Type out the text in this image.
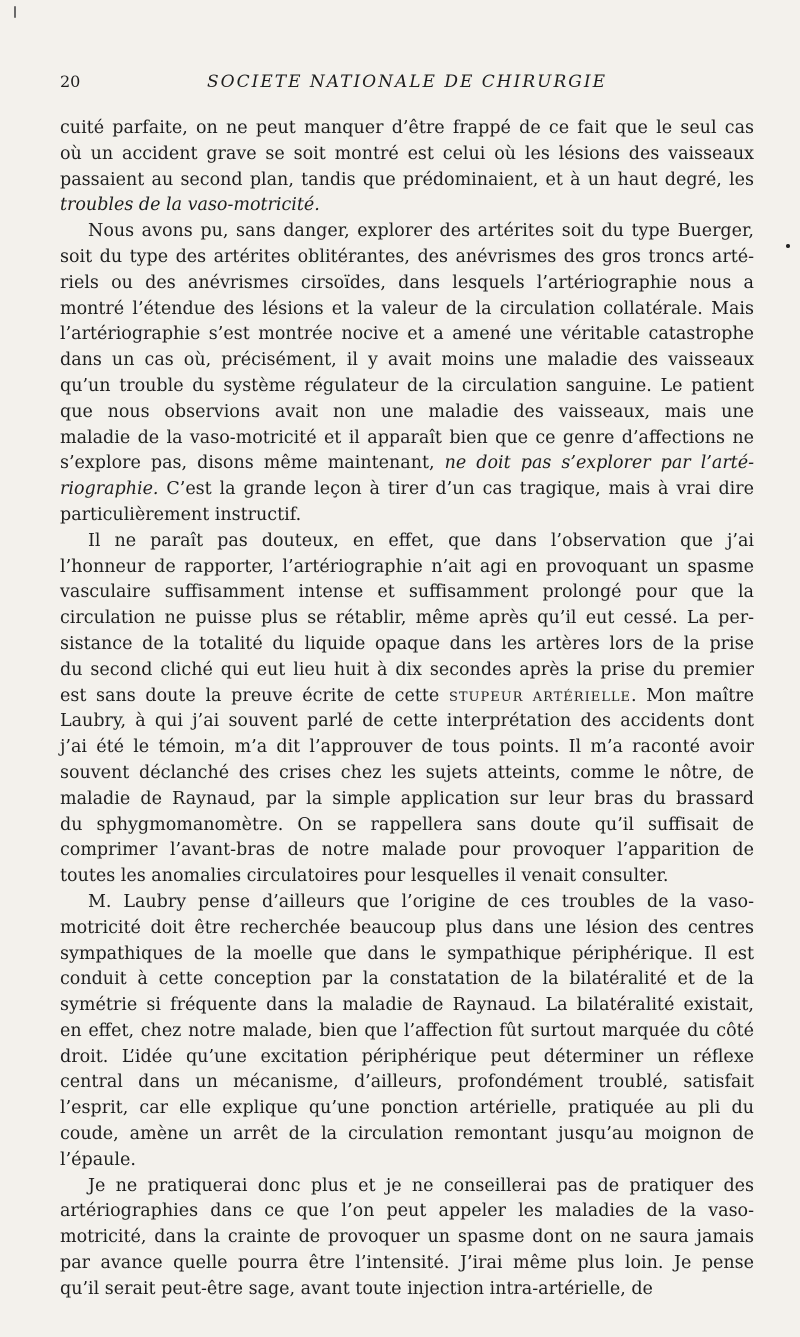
20	SOCIETE NATIONALE DE CHIRURGIE
cuité parfaite, on ne peut manquer d’être frappé de ce fait que le seul cas
où un accident grave se soit montré est celui où les lésions des vaisseaux
passaient au second plan, tandis que prédominaient, et à un haut degré, les
troubles de la vaso-motricité.
Nous avons pu, sans danger, explorer des artérites soit du type Buerger,
soit du type des artérites oblitérantes, des anévrismes des gros troncs arté-
riels ou des anévrismes cirsoïdes, dans lesquels l’artériographie nous a
montré l’étendue des lésions et la valeur de la circulation collatérale. Mais
l’artériographie s’est montrée nocive et a amené une véritable catastrophe
dans un cas où, précisément, il y avait moins une maladie des vaisseaux
qu’un trouble du système régulateur de la circulation sanguine. Le patient
que nous observions avait non une maladie des vaisseaux, mais une
maladie de la vaso-motricité et il apparaît bien que ce genre d’affections ne
s’explore pas, disons même maintenant, ne doit pas s’explorer par l’arté-
riographie. C’est la grande leçon à tirer d’un cas tragique, mais à vrai dire
particulièrement instructif.
Il ne paraît pas douteux, en effet, que dans l’observation que j’ai
l’honneur de rapporter, l’artériographie n’ait agi en provoquant un spasme
vasculaire suffisamment intense et suffisamment prolongé pour que la
circulation ne puisse plus se rétablir, même après qu’il eut cessé. La per-
sistance de la totalité du liquide opaque dans les artères lors de la prise
du second cliché qui eut lieu huit à dix secondes après la prise du premier
est sans doute la preuve écrite de cette STUPEUR ARTÉRIELLE. Mon maître
Laubry, à qui j’ai souvent parlé de cette interprétation des accidents dont
j’ai été le témoin, m’a dit l’approuver de tous points. Il m’a raconté avoir
souvent déclanché des crises chez les sujets atteints, comme le nôtre, de
maladie de Raynaud, par la simple application sur leur bras du brassard
du sphygmomanomètre. On se rappellera sans doute qu’il suffisait de
comprimer l’avant-bras de notre malade pour provoquer l’apparition de
toutes les anomalies circulatoires pour lesquelles il venait consulter.
M. Laubry pense d’ailleurs que l’origine de ces troubles de la vaso-
motricité doit être recherchée beaucoup plus dans une lésion des centres
sympathiques de la moelle que dans le sympathique périphérique. Il est
conduit à cette conception par la constatation de la bilatéralité et de la
symétrie si fréquente dans la maladie de Raynaud. La bilatéralité existait,
en effet, chez notre malade, bien que l’affection fût surtout marquée du côté
droit. L’idée qu’une excitation périphérique peut déterminer un réflexe
central dans un mécanisme, d’ailleurs, profondément troublé, satisfait
l’esprit, car elle explique qu’une ponction artérielle, pratiquée au pli du
coude, amène un arrêt de la circulation remontant jusqu’au moignon de
l’épaule.
Je ne pratiquerai donc plus et je ne conseillerai pas de pratiquer des
artériographies dans ce que l’on peut appeler les maladies de la vaso-
motricité, dans la crainte de provoquer un spasme dont on ne saura jamais
par avance quelle pourra être l’intensité. J’irai même plus loin. Je pense
qu’il serait peut-être sage, avant toute injection intra-artérielle, de
